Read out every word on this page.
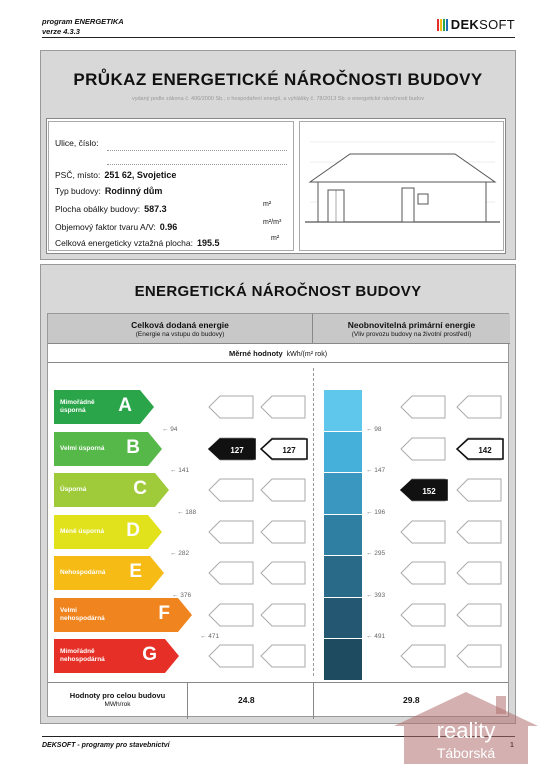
program ENERGETIKA
verze 4.3.3	DEKSOFT
PRŮKAZ ENERGETICKÉ NÁROČNOSTI BUDOVY
vydaný podle zákona č. 406/2000 Sb., o hospodaření energií, a vyhlášky č. 78/2013 Sb. o energetické náročnosti budov
Ulice, číslo:
PSČ, místo: 251 62, Svojetice
Typ budovy: Rodinný dům
Plocha obálky budovy: 587.3	m²
Objemový faktor tvaru A/V: 0.96	m²/m³
Celková energeticky vztažná plocha: 195.5	m²
ENERGETICKÁ NÁROČNOST BUDOVY
Celková dodaná energie
(Energie na vstupu do budovy)
Neobnovitelná primární energie
(Vliv provozu budovy na životní prostředí)
Měrné hodnoty kWh/(m² rok)
Mimořádně úsporná	A
Velmi úsporná	B
Úsporná	C
Méně úsporná	D
Nehospodárná	E
Velmi nehospodárná	F
Mimořádně nehospodárná	G
← 94
← 141
← 188
← 282
← 376
← 471
← 98
← 147
← 196
← 295
← 393
← 491
127	127
152
142
Hodnoty pro celou budovu
MWh/rok	24.8	29.8
DEKSOFT - programy pro stavebnictví
reality
Táborská
